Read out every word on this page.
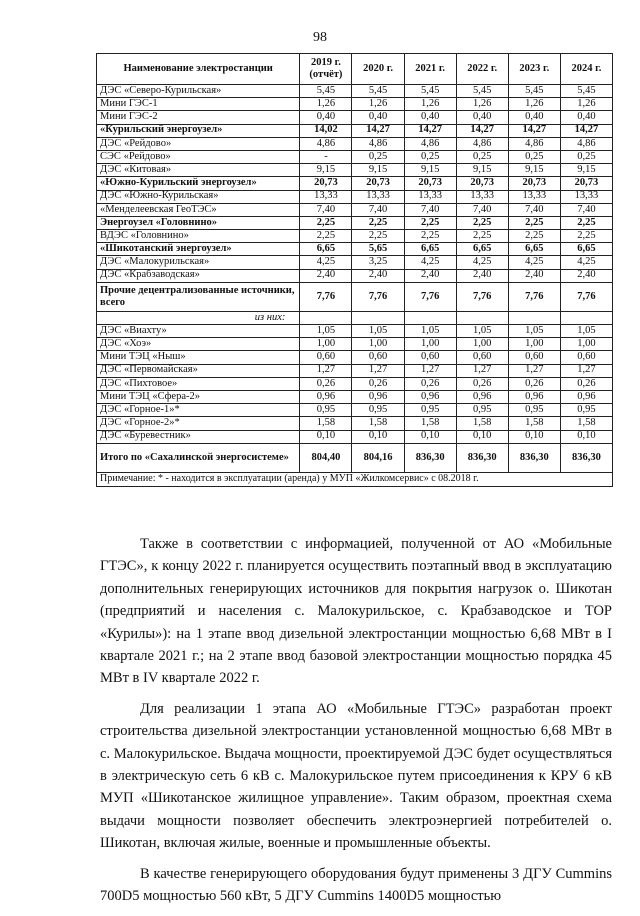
98
Наименование электростанции	2019 г. (отчёт)	2020 г.	2021 г.	2022 г.	2023 г.	2024 г.
ДЭС «Северо-Курильская»	5,45	5,45	5,45	5,45	5,45	5,45
Мини ГЭС-1	1,26	1,26	1,26	1,26	1,26	1,26
Мини ГЭС-2	0,40	0,40	0,40	0,40	0,40	0,40
«Курильский энергоузел»	14,02	14,27	14,27	14,27	14,27	14,27
ДЭС «Рейдово»	4,86	4,86	4,86	4,86	4,86	4,86
СЭС «Рейдово»	-	0,25	0,25	0,25	0,25	0,25
ДЭС «Китовая»	9,15	9,15	9,15	9,15	9,15	9,15
«Южно-Курильский энергоузел»	20,73	20,73	20,73	20,73	20,73	20,73
ДЭС «Южно-Курильская»	13,33	13,33	13,33	13,33	13,33	13,33
«Менделеевская ГеоТЭС»	7,40	7,40	7,40	7,40	7,40	7,40
Энергоузел «Головнино»	2,25	2,25	2,25	2,25	2,25	2,25
ВДЭС «Головнино»	2,25	2,25	2,25	2,25	2,25	2,25
«Шикотанский энергоузел»	6,65	5,65	6,65	6,65	6,65	6,65
ДЭС «Малокурильская»	4,25	3,25	4,25	4,25	4,25	4,25
ДЭС «Крабзаводская»	2,40	2,40	2,40	2,40	2,40	2,40
Прочие децентрализованные источники, всего	7,76	7,76	7,76	7,76	7,76	7,76
из них:						
ДЭС «Виахту»	1,05	1,05	1,05	1,05	1,05	1,05
ДЭС «Хоэ»	1,00	1,00	1,00	1,00	1,00	1,00
Мини ТЭЦ «Ныш»	0,60	0,60	0,60	0,60	0,60	0,60
ДЭС «Первомайская»	1,27	1,27	1,27	1,27	1,27	1,27
ДЭС «Пихтовое»	0,26	0,26	0,26	0,26	0,26	0,26
Мини ТЭЦ «Сфера-2»	0,96	0,96	0,96	0,96	0,96	0,96
ДЭС «Горное-1»*	0,95	0,95	0,95	0,95	0,95	0,95
ДЭС «Горное-2»*	1,58	1,58	1,58	1,58	1,58	1,58
ДЭС «Буревестник»	0,10	0,10	0,10	0,10	0,10	0,10
Итого по «Сахалинской энергосистеме»	804,40	804,16	836,30	836,30	836,30	836,30
Примечание: * - находится в эксплуатации (аренда) у МУП «Жилкомсервис» с 08.2018 г.						

Также в соответствии с информацией, полученной от АО «Мобильные ГТЭС», к концу 2022 г. планируется осуществить поэтапный ввод в эксплуатацию дополнительных генерирующих источников для покрытия нагрузок о. Шикотан (предприятий и населения с. Малокурильское, с. Крабзаводское и ТОР «Курилы»): на 1 этапе ввод дизельной электростанции мощностью 6,68 МВт в I квартале 2021 г.; на 2 этапе ввод базовой электростанции мощностью порядка 45 МВт в IV квартале 2022 г.

Для реализации 1 этапа АО «Мобильные ГТЭС» разработан проект строительства дизельной электростанции установленной мощностью 6,68 МВт в с. Малокурильское. Выдача мощности, проектируемой ДЭС будет осуществляться в электрическую сеть 6 кВ с. Малокурильское путем присоединения к КРУ 6 кВ МУП «Шикотанское жилищное управление». Таким образом, проектная схема выдачи мощности позволяет обеспечить электроэнергией потребителей о. Шикотан, включая жилые, военные и промышленные объекты.

В качестве генерирующего оборудования будут применены 3 ДГУ Cummins 700D5 мощностью 560 кВт, 5 ДГУ Cummins 1400D5 мощностью
